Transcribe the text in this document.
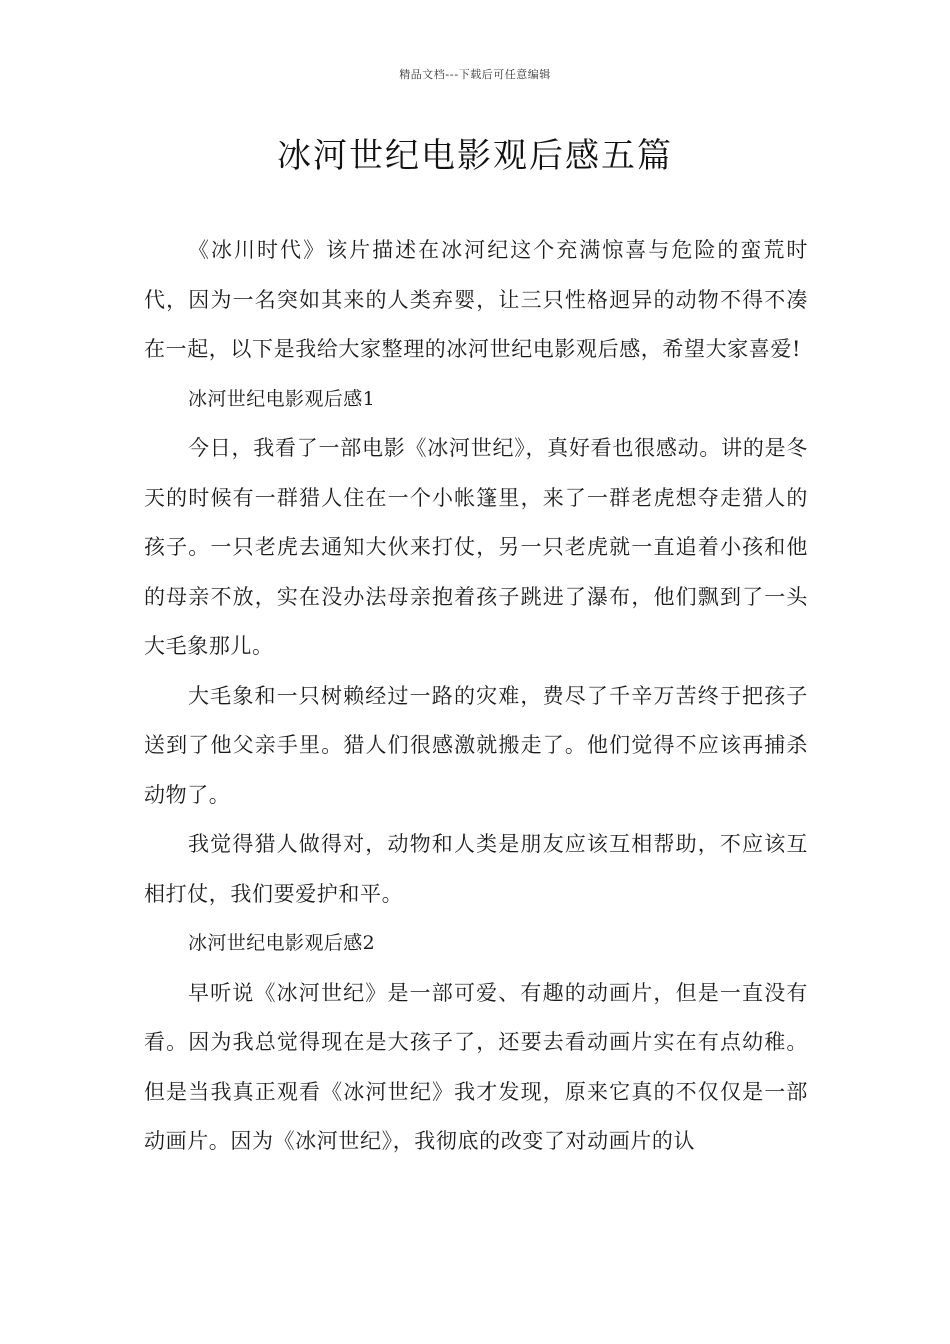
精品文档---下载后可任意编辑
冰河世纪电影观后感五篇

《冰川时代》该片描述在冰河纪这个充满惊喜与危险的蛮荒时代，因为一名突如其来的人类弃婴，让三只性格迥异的动物不得不凑在一起，以下是我给大家整理的冰河世纪电影观后感，希望大家喜爱!

冰河世纪电影观后感1

今日，我看了一部电影《冰河世纪》，真好看也很感动。讲的是冬天的时候有一群猎人住在一个小帐篷里，来了一群老虎想夺走猎人的孩子。一只老虎去通知大伙来打仗，另一只老虎就一直追着小孩和他的母亲不放，实在没办法母亲抱着孩子跳进了瀑布，他们飘到了一头大毛象那儿。

大毛象和一只树赖经过一路的灾难，费尽了千辛万苦终于把孩子送到了他父亲手里。猎人们很感激就搬走了。他们觉得不应该再捕杀动物了。

我觉得猎人做得对，动物和人类是朋友应该互相帮助，不应该互相打仗，我们要爱护和平。

冰河世纪电影观后感2

早听说《冰河世纪》是一部可爱、有趣的动画片，但是一直没有看。因为我总觉得现在是大孩子了，还要去看动画片实在有点幼稚。但是当我真正观看《冰河世纪》我才发现，原来它真的不仅仅是一部动画片。因为《冰河世纪》，我彻底的改变了对动画片的认
